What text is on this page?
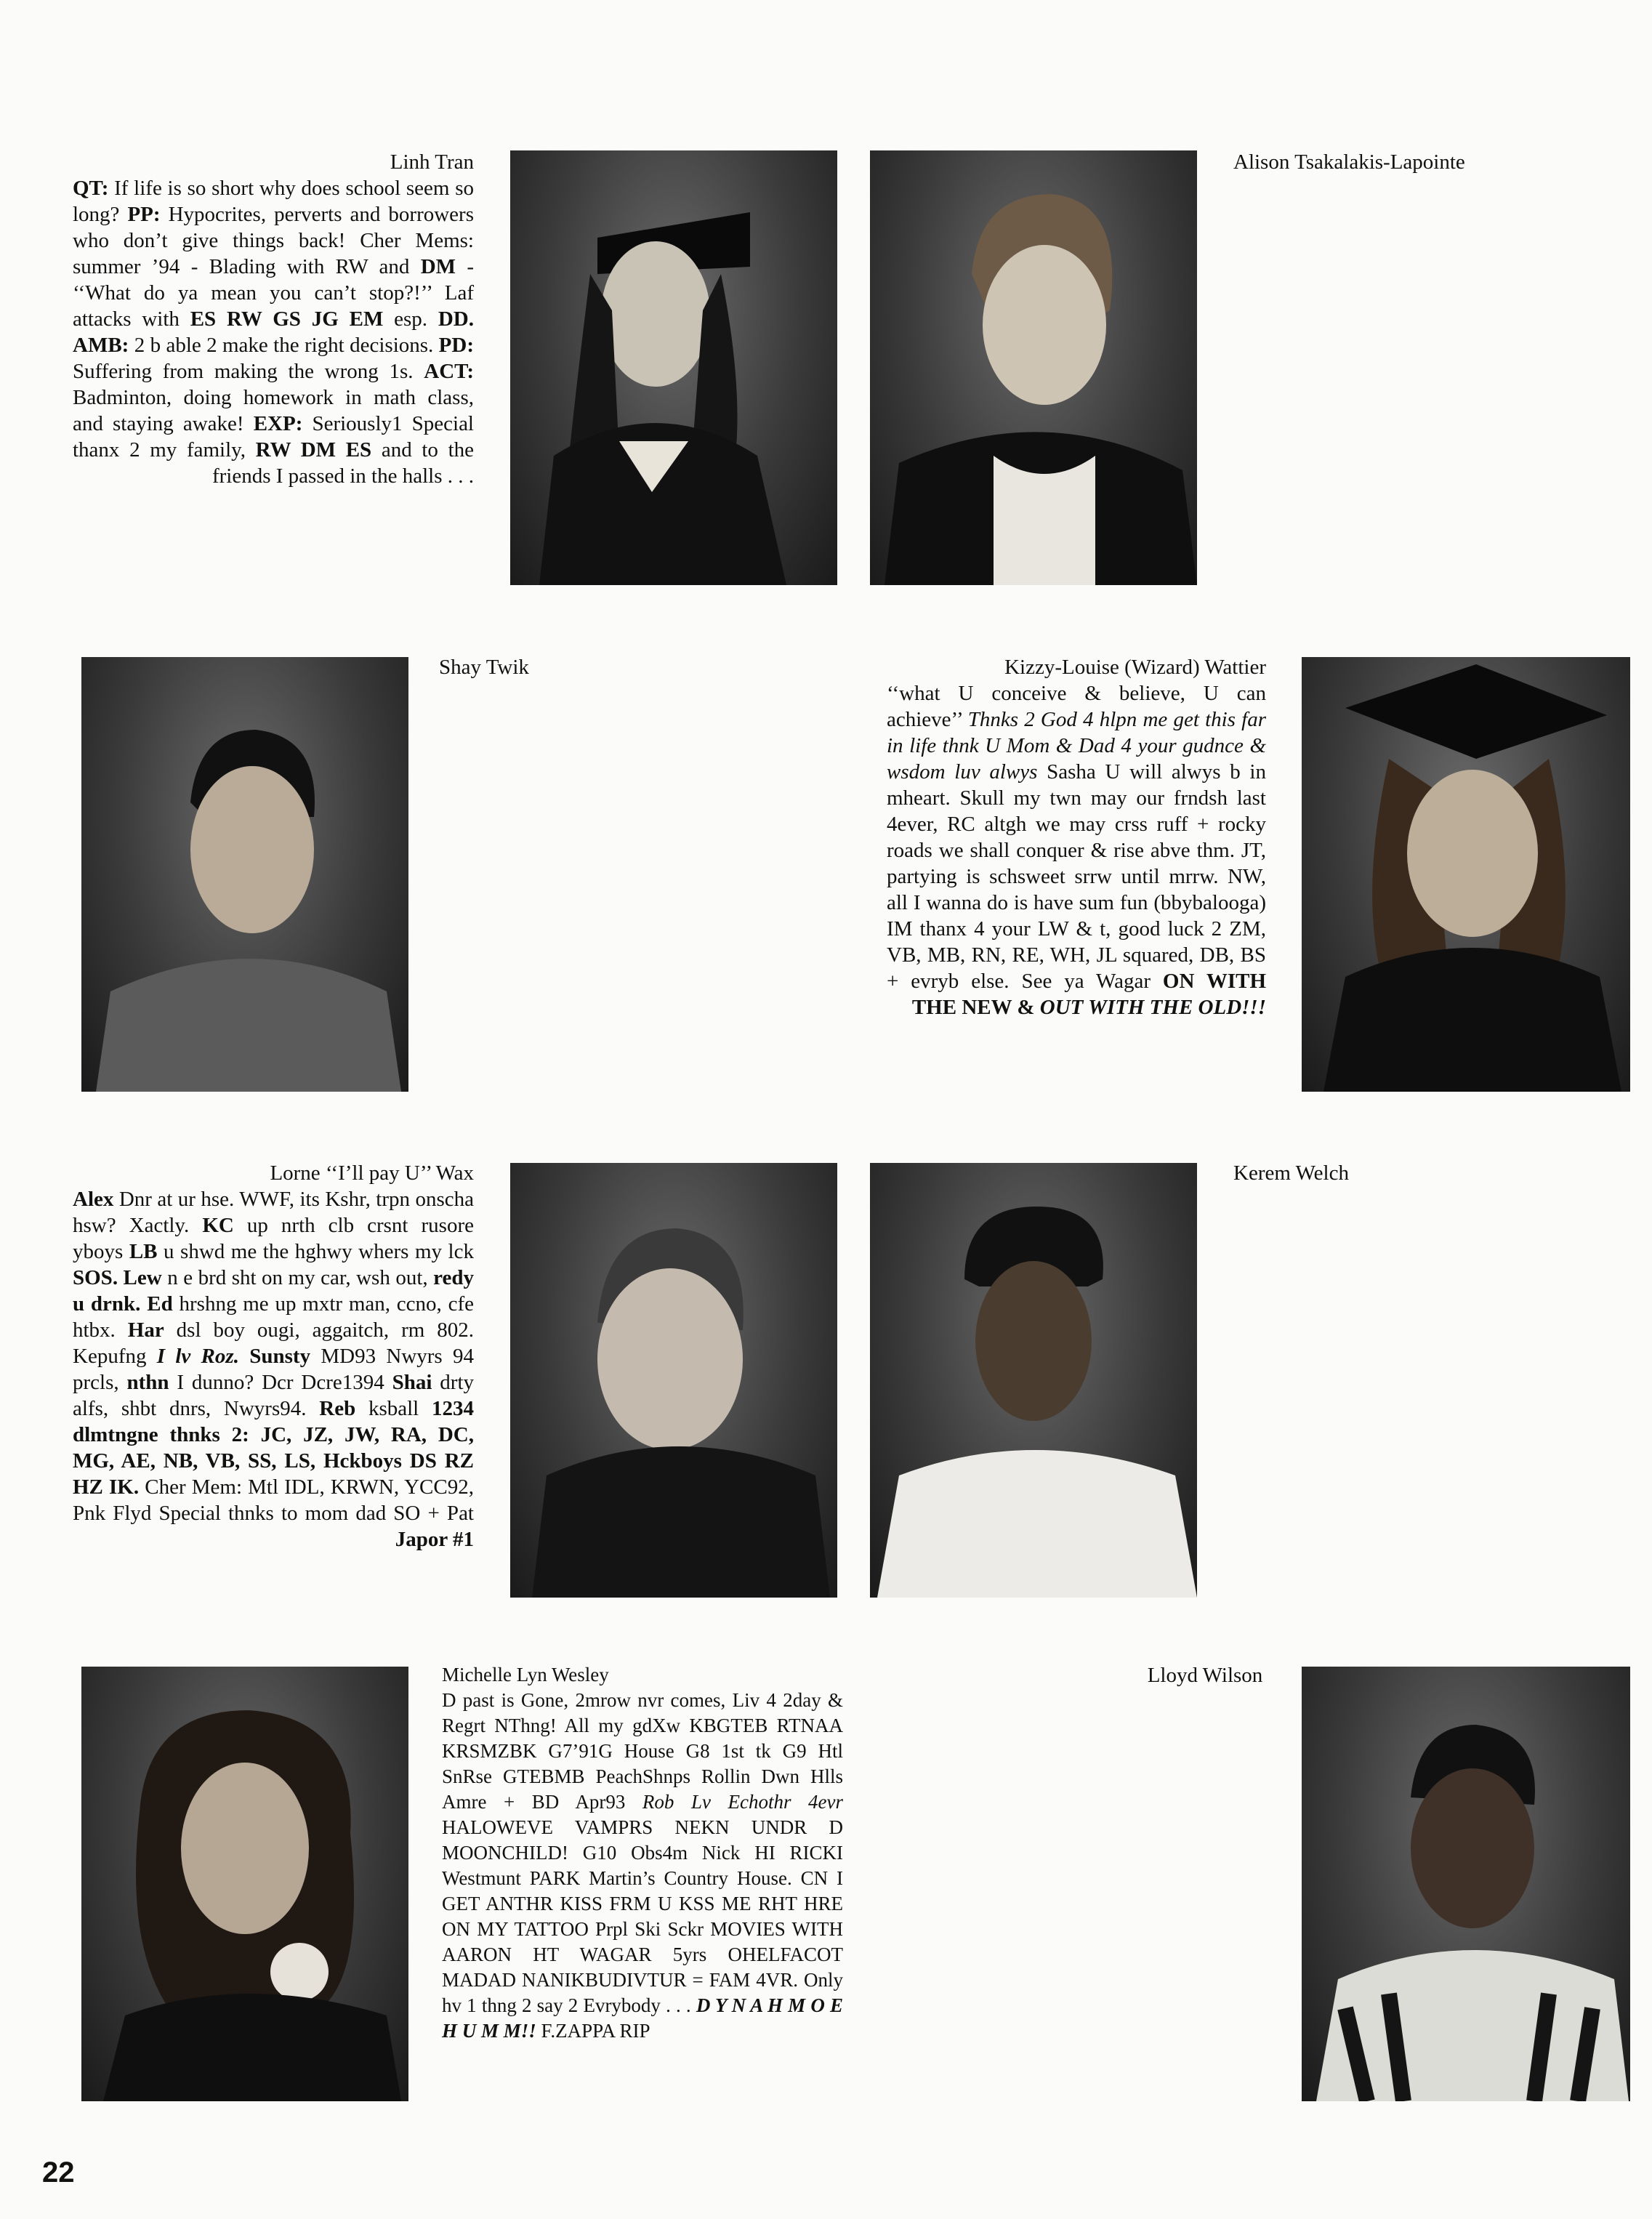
Linh Tran
QT: If life is so short why does school seem so long? PP: Hypocrites, perverts and borrowers who don’t give things back! Cher Mems: summer ’94 - Blading with RW and DM - ‘‘What do ya mean you can’t stop?!’’ Laf attacks with ES RW GS JG EM esp. DD. AMB: 2 b able 2 make the right decisions. PD: Suffering from making the wrong 1s. ACT: Badminton, doing homework in math class, and staying awake! EXP: Seriously1 Special thanx 2 my family, RW DM ES and to the friends I passed in the halls . . .
Alison Tsakalakis-Lapointe
Shay Twik	Kizzy-Louise (Wizard) Wattier
‘‘what U conceive & believe, U can achieve’’ Thnks 2 God 4 hlpn me get this far in life thnk U Mom & Dad 4 your gudnce & wsdom luv alwys Sasha U will alwys b in mheart. Skull my twn may our frndsh last 4ever, RC altgh we may crss ruff + rocky roads we shall conquer & rise abve thm. JT, partying is schsweet srrw until mrrw. NW, all I wanna do is have sum fun (bbybalooga) IM thanx 4 your LW & t, good luck 2 ZM, VB, MB, RN, RE, WH, JL squared, DB, BS + evryb else. See ya Wagar ON WITH THE NEW & OUT WITH THE OLD!!!
Lorne ‘‘I’ll pay U’’ Wax
Alex Dnr at ur hse. WWF, its Kshr, trpn onscha hsw? Xactly. KC up nrth clb crsnt rusore yboys LB u shwd me the hghwy whers my lck SOS. Lew n e brd sht on my car, wsh out, redy u drnk. Ed hrshng me up mxtr man, ccno, cfe htbx. Har dsl boy ougi, aggaitch, rm 802. Kepufng I lv Roz. Sunsty MD93 Nwyrs 94 prcls, nthn I dunno? Dcr Dcre1394 Shai drty alfs, shbt dnrs, Nwyrs94. Reb ksball 1234 dlmtngne thnks 2: JC, JZ, JW, RA, DC, MG, AE, NB, VB, SS, LS, Hckboys DS RZ HZ IK. Cher Mem: Mtl IDL, KRWN, YCC92, Pnk Flyd Special thnks to mom dad SO + Pat Japor #1

Kerem Welch
Michelle Lyn Wesley
D past is Gone, 2mrow nvr comes, Liv 4 2day & Regrt NThng! All my gdXw KBGTEB RTNAA KRSMZBK G7’91G House G8 1st tk G9 Htl SnRse GTEBMB PeachShnps Rollin Dwn Hlls Amre + BD Apr93 Rob Lv Echothr 4evr HALOWEVE VAMPRS NEKN UNDR D MOONCHILD! G10 Obs4m Nick HI RICKI Westmunt PARK Martin’s Country House. CN I GET ANTHR KISS FRM U KSS ME RHT HRE ON MY TATTOO Prpl Ski Sckr MOVIES WITH AARON HT WAGAR 5yrs OHELFACOT MADAD NANIKBUDIVTUR = FAM 4VR. Only hv 1 thng 2 say 2 Evrybody . . . D Y N A H M O E H U M M!! F.ZAPPA RIP
Lloyd Wilson
22
